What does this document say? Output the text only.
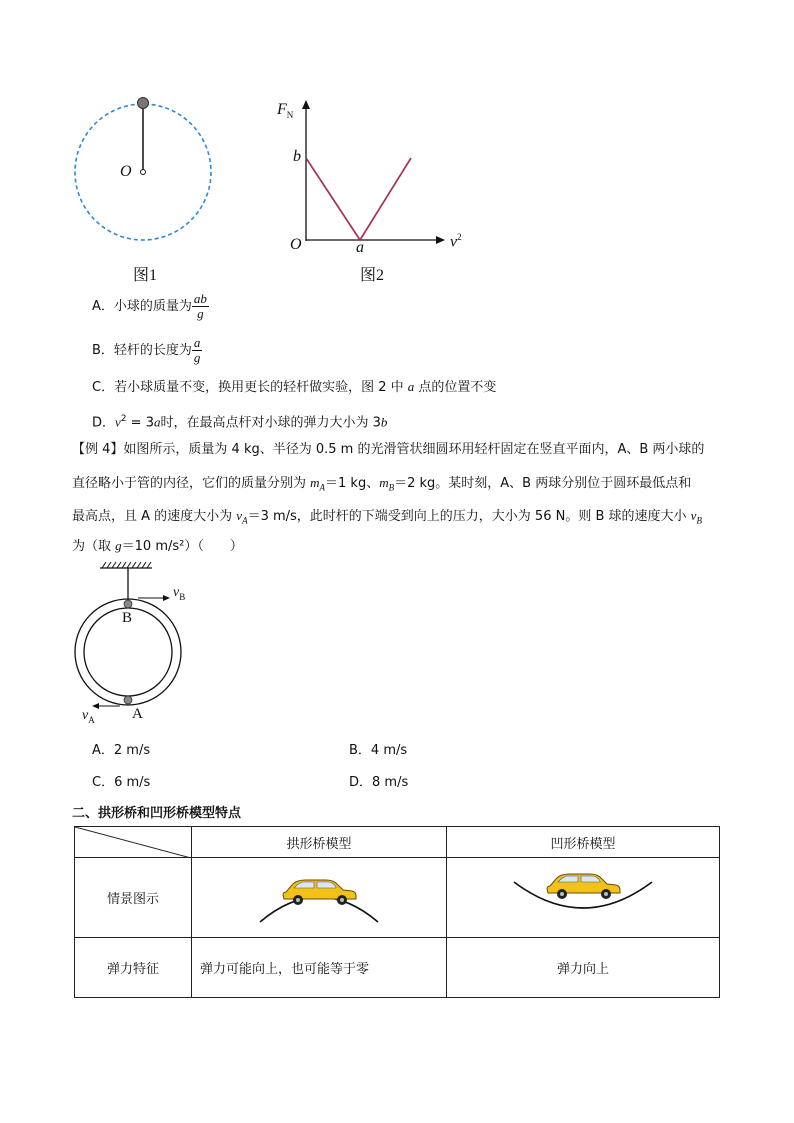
O
图1
$F_N$
b
O	a	$v^2$
图2
A．小球的质量为 $\frac{ab}{g}$
B．轻杆的长度为 $\frac{a}{g}$
C．若小球质量不变，换用更长的轻杆做实验，图 2 中 a 点的位置不变
D．$v^2 = 3a$时，在最高点杆对小球的弹力大小为 3b
【例 4】如图所示，质量为 4 kg、半径为 0.5 m 的光滑管状细圆环用轻杆固定在竖直平面内，A、B 两小球的
直径略小于管的内径，它们的质量分别为 $m_A=1$ kg、$m_B=2$ kg。某时刻，A、B 两球分别位于圆环最低点和
最高点，且 A 的速度大小为 $v_A=3$ m/s，此时杆的下端受到向上的压力，大小为 56 N。则 B 球的速度大小 $v_B$
为（取 g＝10 m/s²）（　　）
$v_B$
B
$v_A$ A
A．2 m/s	B．4 m/s
C．6 m/s	D．8 m/s
二、拱形桥和凹形桥模型特点
	拱形桥模型	凹形桥模型
情景图示		
弹力特征	弹力可能向上，也可能等于零	弹力向上
